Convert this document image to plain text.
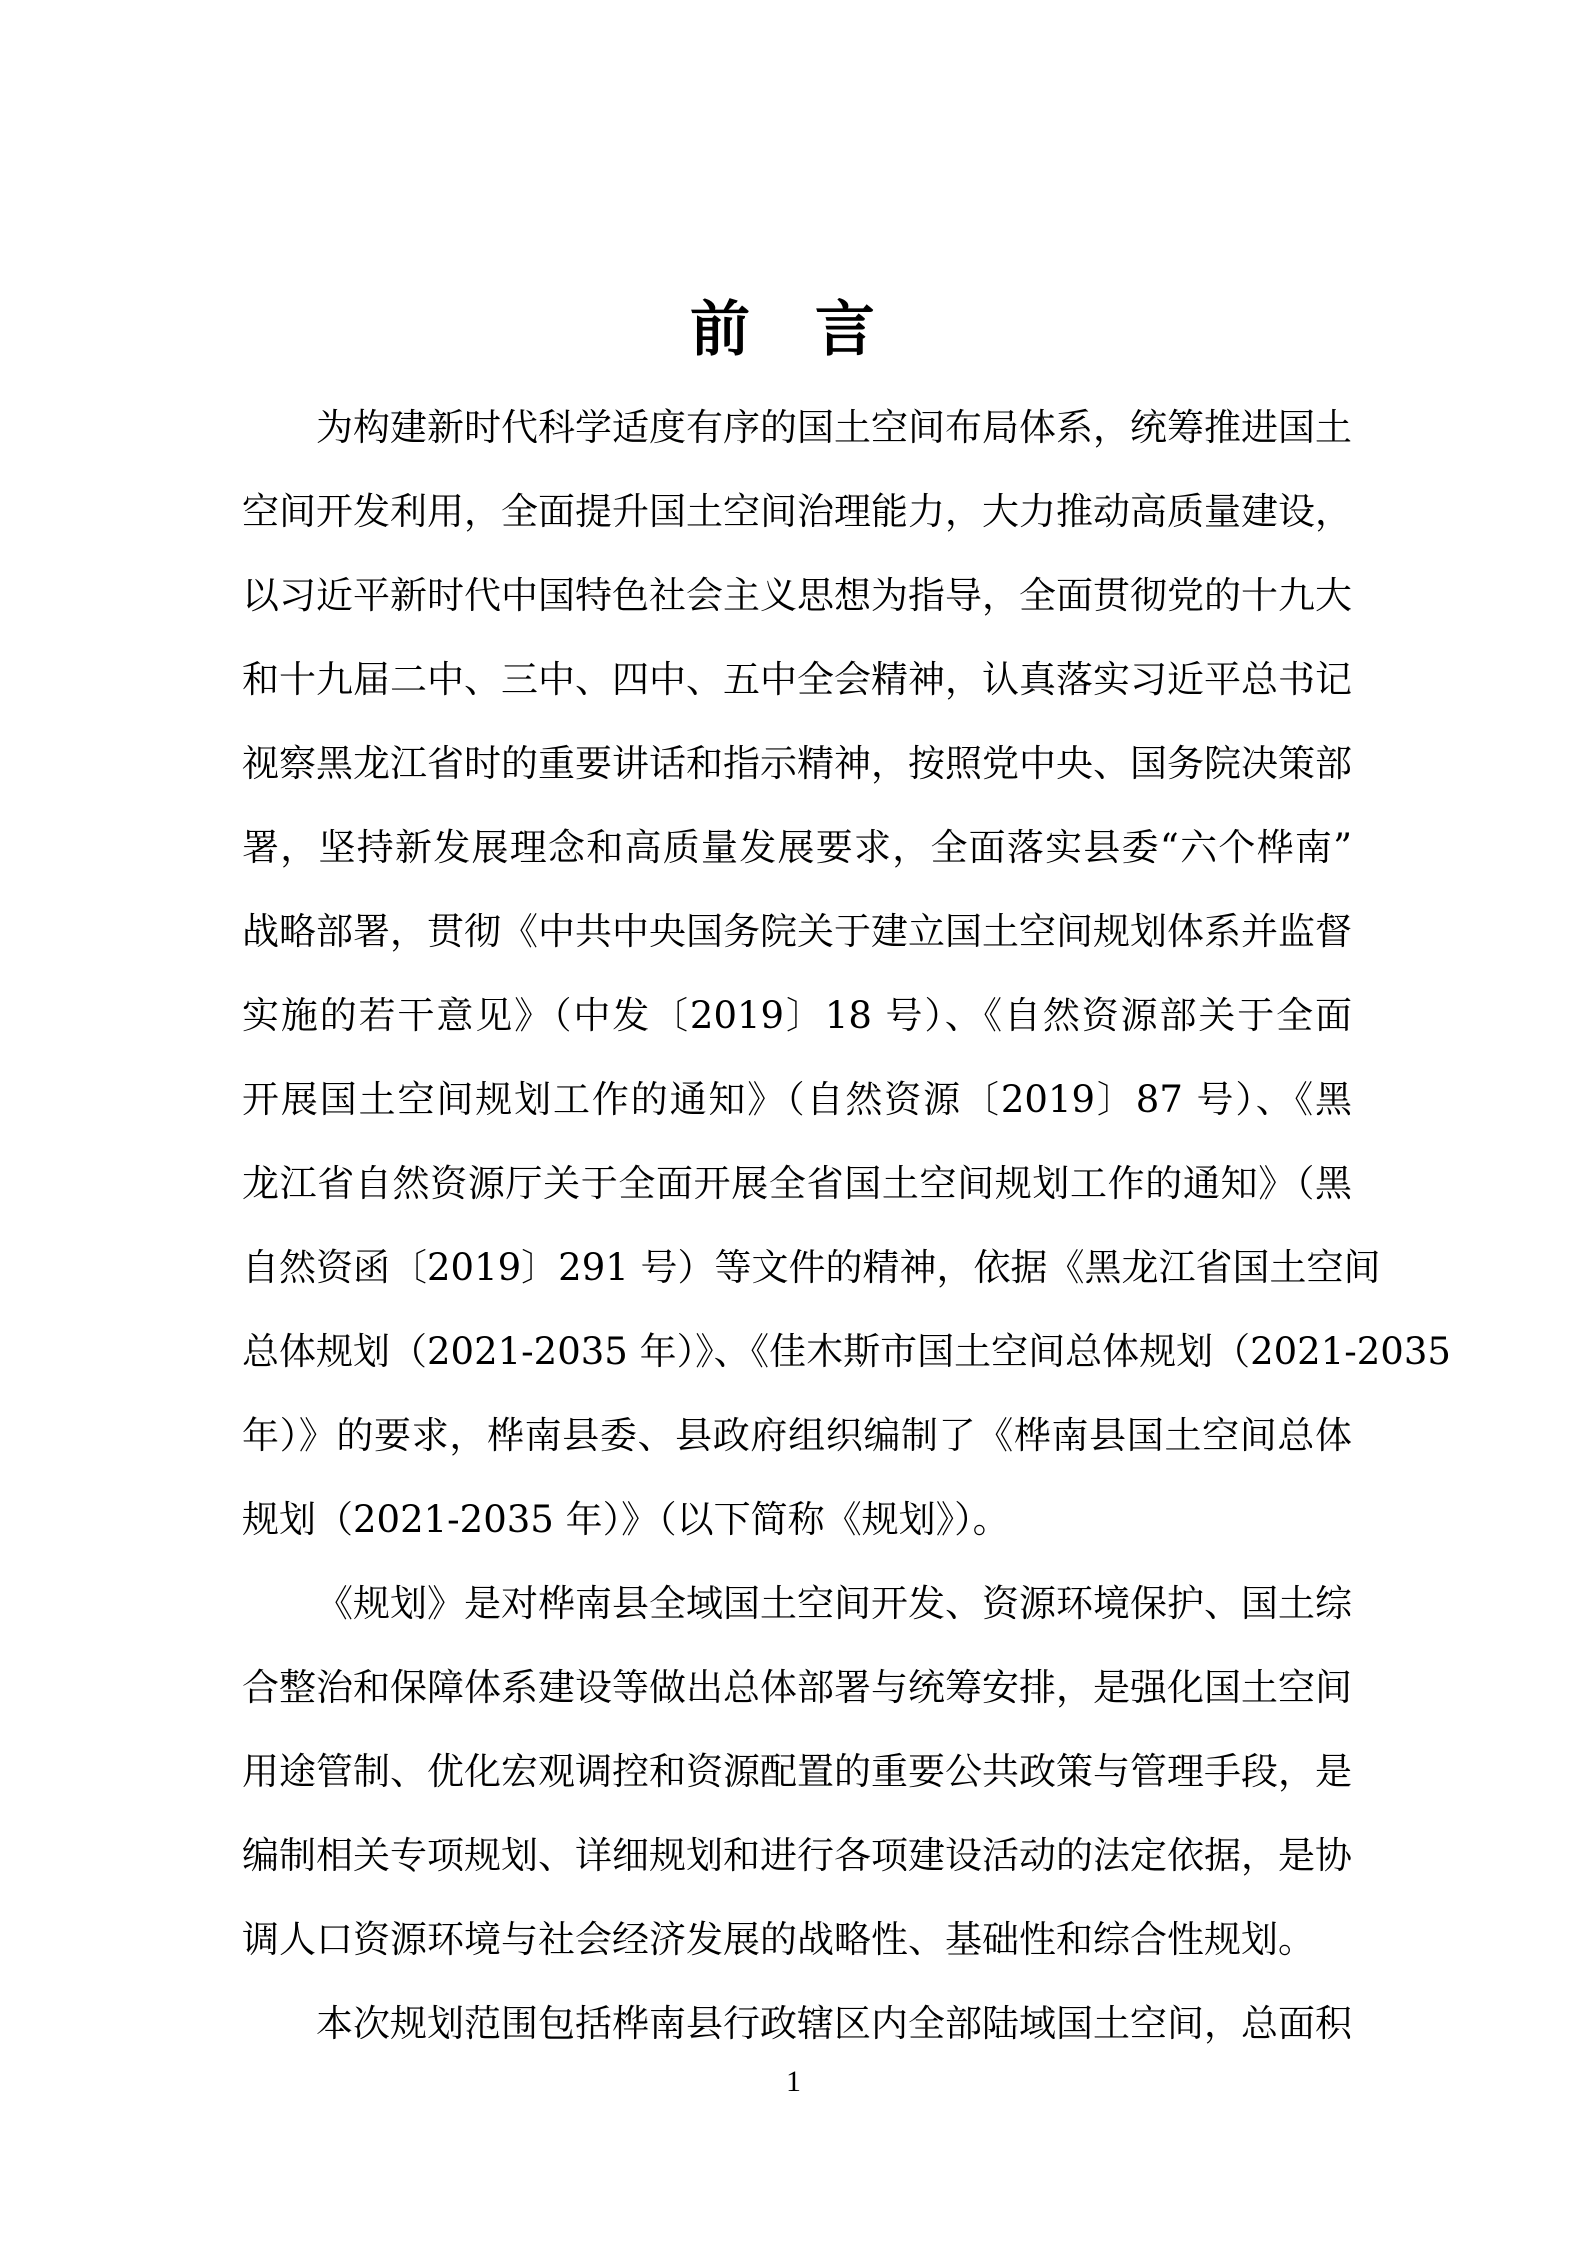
前 言
为构建新时代科学适度有序的国土空间布局体系，统筹推进国土
空间开发利用，全面提升国土空间治理能力，大力推动高质量建设，
以习近平新时代中国特色社会主义思想为指导，全面贯彻党的十九大
和十九届二中、三中、四中、五中全会精神，认真落实习近平总书记
视察黑龙江省时的重要讲话和指示精神，按照党中央、国务院决策部
署，坚持新发展理念和高质量发展要求，全面落实县委“六个桦南”
战略部署，贯彻《中共中央国务院关于建立国土空间规划体系并监督
实施的若干意见》（中发〔2019〕18 号）、《自然资源部关于全面
开展国土空间规划工作的通知》（自然资源〔2019〕87 号）、《黑
龙江省自然资源厅关于全面开展全省国土空间规划工作的通知》（黑
自然资函〔2019〕291 号）等文件的精神，依据《黑龙江省国土空间
总体规划（2021-2035 年）》、《佳木斯市国土空间总体规划（2021-2035
年）》的要求，桦南县委、县政府组织编制了《桦南县国土空间总体
规划（2021-2035 年）》（以下简称《规划》）。
《规划》是对桦南县全域国土空间开发、资源环境保护、国土综
合整治和保障体系建设等做出总体部署与统筹安排，是强化国土空间
用途管制、优化宏观调控和资源配置的重要公共政策与管理手段，是
编制相关专项规划、详细规划和进行各项建设活动的法定依据，是协
调人口资源环境与社会经济发展的战略性、基础性和综合性规划。
本次规划范围包括桦南县行政辖区内全部陆域国土空间，总面积
1
